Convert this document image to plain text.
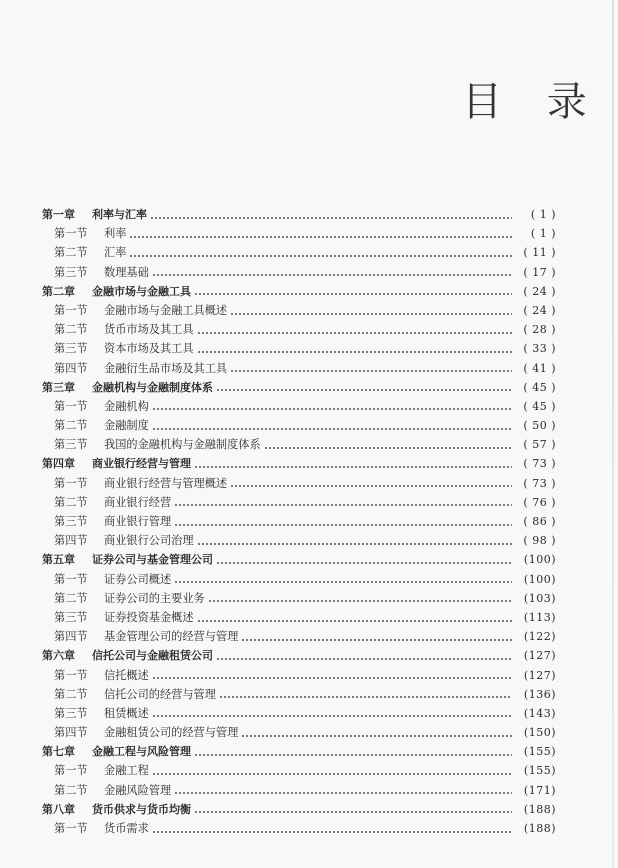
目 录
第一章	利率与汇率	( 1 )
第一节	利率	( 1 )
第二节	汇率	( 11 )
第三节	数理基础	( 17 )
第二章	金融市场与金融工具	( 24 )
第一节	金融市场与金融工具概述	( 24 )
第二节	货币市场及其工具	( 28 )
第三节	资本市场及其工具	( 33 )
第四节	金融衍生品市场及其工具	( 41 )
第三章	金融机构与金融制度体系	( 45 )
第一节	金融机构	( 45 )
第二节	金融制度	( 50 )
第三节	我国的金融机构与金融制度体系	( 57 )
第四章	商业银行经营与管理	( 73 )
第一节	商业银行经营与管理概述	( 73 )
第二节	商业银行经营	( 76 )
第三节	商业银行管理	( 86 )
第四节	商业银行公司治理	( 98 )
第五章	证券公司与基金管理公司	(100)
第一节	证券公司概述	(100)
第二节	证券公司的主要业务	(103)
第三节	证券投资基金概述	(113)
第四节	基金管理公司的经营与管理	(122)
第六章	信托公司与金融租赁公司	(127)
第一节	信托概述	(127)
第二节	信托公司的经营与管理	(136)
第三节	租赁概述	(143)
第四节	金融租赁公司的经营与管理	(150)
第七章	金融工程与风险管理	(155)
第一节	金融工程	(155)
第二节	金融风险管理	(171)
第八章	货币供求与货币均衡	(188)
第一节	货币需求	(188)
